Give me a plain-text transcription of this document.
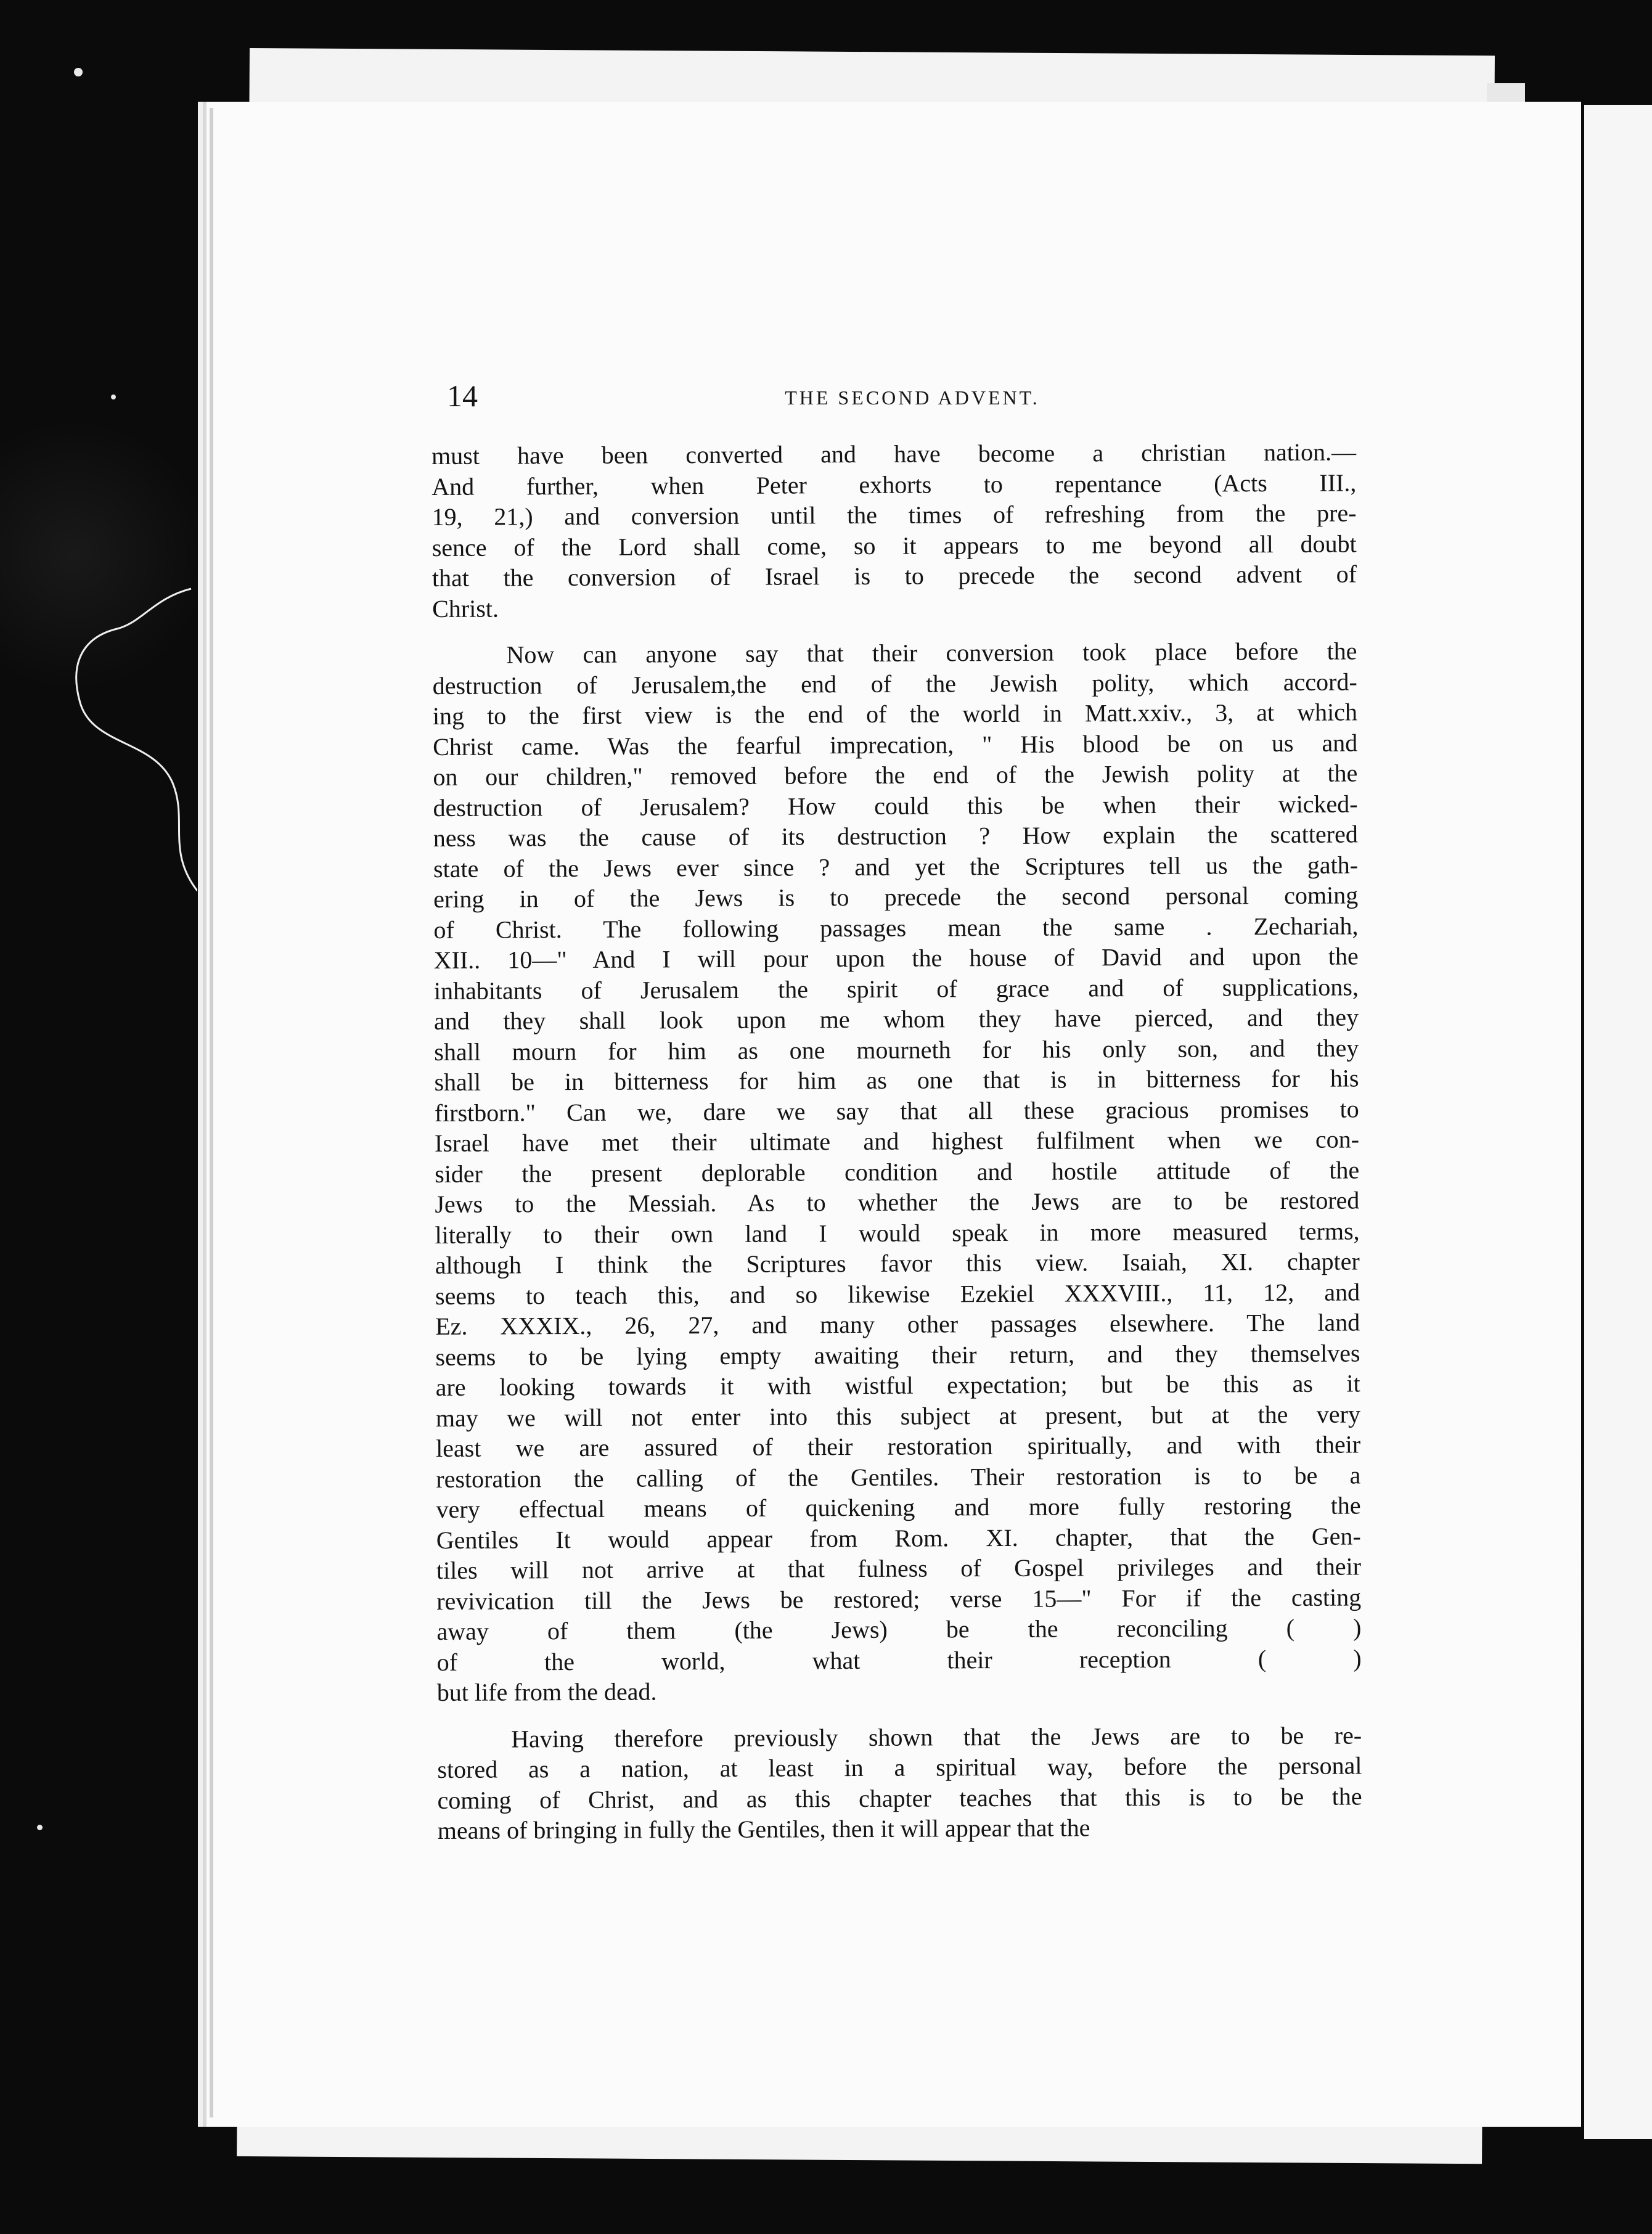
14	THE SECOND ADVENT.
must have been converted and have become a christian nation.—
And further, when Peter exhorts to repentance (Acts III.,
19, 21,) and conversion until the times of refreshing from the pre-
sence of the Lord shall come, so it appears to me beyond all doubt
that the conversion of Israel is to precede the second advent of
Christ.
Now can anyone say that their conversion took place before the
destruction of Jerusalem,the end of the Jewish polity, which accord-
ing to the first view is the end of the world in Matt.xxiv., 3, at which
Christ came. Was the fearful imprecation, " His blood be on us and
on our children," removed before the end of the Jewish polity at the
destruction of Jerusalem? How could this be when their wicked-
ness was the cause of its destruction ? How explain the scattered
state of the Jews ever since ? and yet the Scriptures tell us the gath-
ering in of the Jews is to precede the second personal coming
of Christ. The following passages mean the same . Zechariah,
XII.. 10—" And I will pour upon the house of David and upon the
inhabitants of Jerusalem the spirit of grace and of supplications,
and they shall look upon me whom they have pierced, and they
shall mourn for him as one mourneth for his only son, and they
shall be in bitterness for him as one that is in bitterness for his
firstborn." Can we, dare we say that all these gracious promises to
Israel have met their ultimate and highest fulfilment when we con-
sider the present deplorable condition and hostile attitude of the
Jews to the Messiah. As to whether the Jews are to be restored
literally to their own land I would speak in more measured terms,
although I think the Scriptures favor this view. Isaiah, XI. chapter
seems to teach this, and so likewise Ezekiel XXXVIII., 11, 12, and
Ez. XXXIX., 26, 27, and many other passages elsewhere. The land
seems to be lying empty awaiting their return, and they themselves
are looking towards it with wistful expectation; but be this as it
may we will not enter into this subject at present, but at the very
least we are assured of their restoration spiritually, and with their
restoration the calling of the Gentiles. Their restoration is to be a
very effectual means of quickening and more fully restoring the
Gentiles It would appear from Rom. XI. chapter, that the Gen-
tiles will not arrive at that fulness of Gospel privileges and their
revivication till the Jews be restored; verse 15—" For if the casting
away of them (the Jews) be the reconciling ( )
of the world, what their reception ( )
but life from the dead.
Having therefore previously shown that the Jews are to be re-
stored as a nation, at least in a spiritual way, before the personal
coming of Christ, and as this chapter teaches that this is to be the
means of bringing in fully the Gentiles, then it will appear that the
